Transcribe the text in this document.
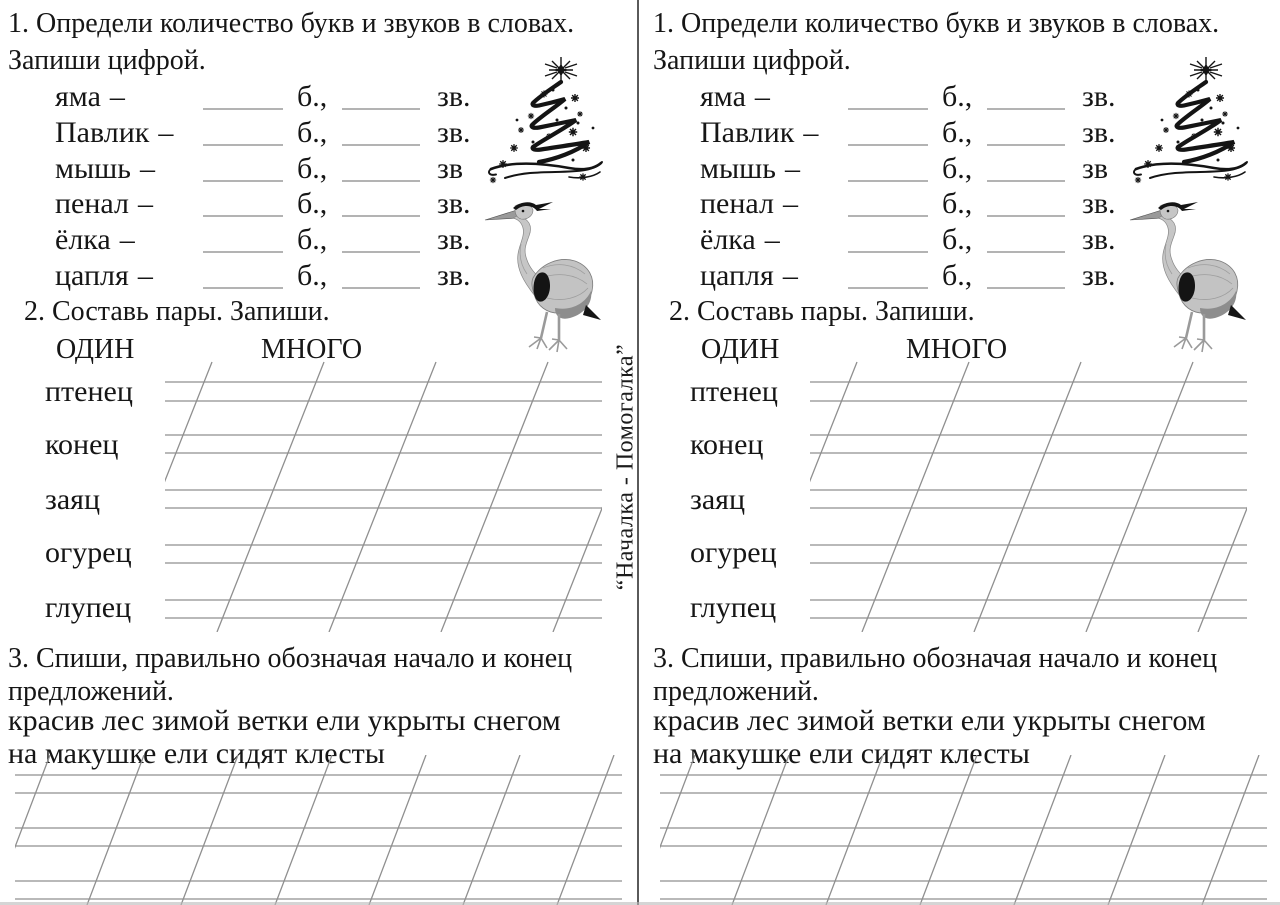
1. Определи количество букв и звуков в словах.
Запиши цифрой.
яма –	б.,	зв.
Павлик –	б.,	зв.
мышь –	б.,	зв
пенал –	б.,	зв.
ёлка –	б.,	зв.
цапля –	б.,	зв.
2. Составь пары. Запиши.
ОДИН	МНОГО
птенец
конец
заяц
огурец
глупец
3. Спиши, правильно обозначая начало и конец
предложений.
красив лес зимой ветки ели укрыты снегом
на макушке ели сидят клесты
1. Определи количество букв и звуков в словах.
Запиши цифрой.
яма –	б.,	зв.
Павлик –	б.,	зв.
мышь –	б.,	зв
пенал –	б.,	зв.
ёлка –	б.,	зв.
цапля –	б.,	зв.
2. Составь пары. Запиши.
ОДИН	МНОГО
птенец
конец
заяц
огурец
глупец
3. Спиши, правильно обозначая начало и конец
предложений.
красив лес зимой ветки ели укрыты снегом
на макушке ели сидят клесты
“Началка - Помогалка”
